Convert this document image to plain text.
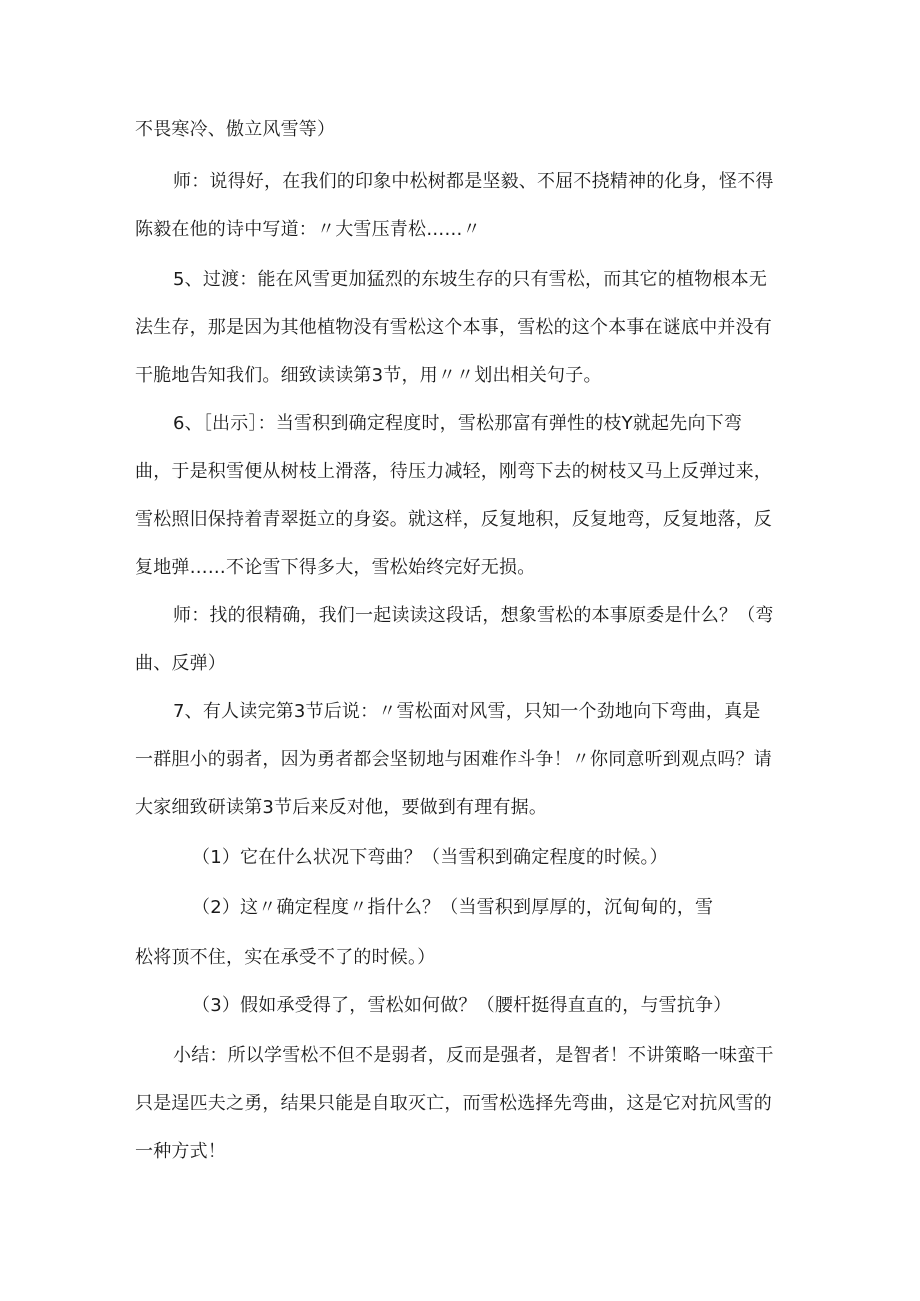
不畏寒冷、傲立风雪等）
师：说得好，在我们的印象中松树都是坚毅、不屈不挠精神的化身，怪不得
陈毅在他的诗中写道：〃大雪压青松……〃
5、过渡：能在风雪更加猛烈的东坡生存的只有雪松，而其它的植物根本无
法生存，那是因为其他植物没有雪松这个本事，雪松的这个本事在谜底中并没有
干脆地告知我们。细致读读第3节，用〃〃划出相关句子。
6、［出示］：当雪积到确定程度时，雪松那富有弹性的枝Y就起先向下弯
曲，于是积雪便从树枝上滑落，待压力减轻，刚弯下去的树枝又马上反弹过来，
雪松照旧保持着青翠挺立的身姿。就这样，反复地积，反复地弯，反复地落，反
复地弹……不论雪下得多大，雪松始终完好无损。
师：找的很精确，我们一起读读这段话，想象雪松的本事原委是什么？（弯
曲、反弹）
7、有人读完第3节后说：〃雪松面对风雪，只知一个劲地向下弯曲，真是
一群胆小的弱者，因为勇者都会坚韧地与困难作斗争！〃你同意听到观点吗？请
大家细致研读第3节后来反对他，要做到有理有据。
（1）它在什么状况下弯曲？（当雪积到确定程度的时候。）
（2）这〃确定程度〃指什么？（当雪积到厚厚的，沉甸甸的，雪
松将顶不住，实在承受不了的时候。）
（3）假如承受得了，雪松如何做？（腰杆挺得直直的，与雪抗争）
小结：所以学雪松不但不是弱者，反而是强者，是智者！不讲策略一味蛮干
只是逞匹夫之勇，结果只能是自取灭亡，而雪松选择先弯曲，这是它对抗风雪的
一种方式！
